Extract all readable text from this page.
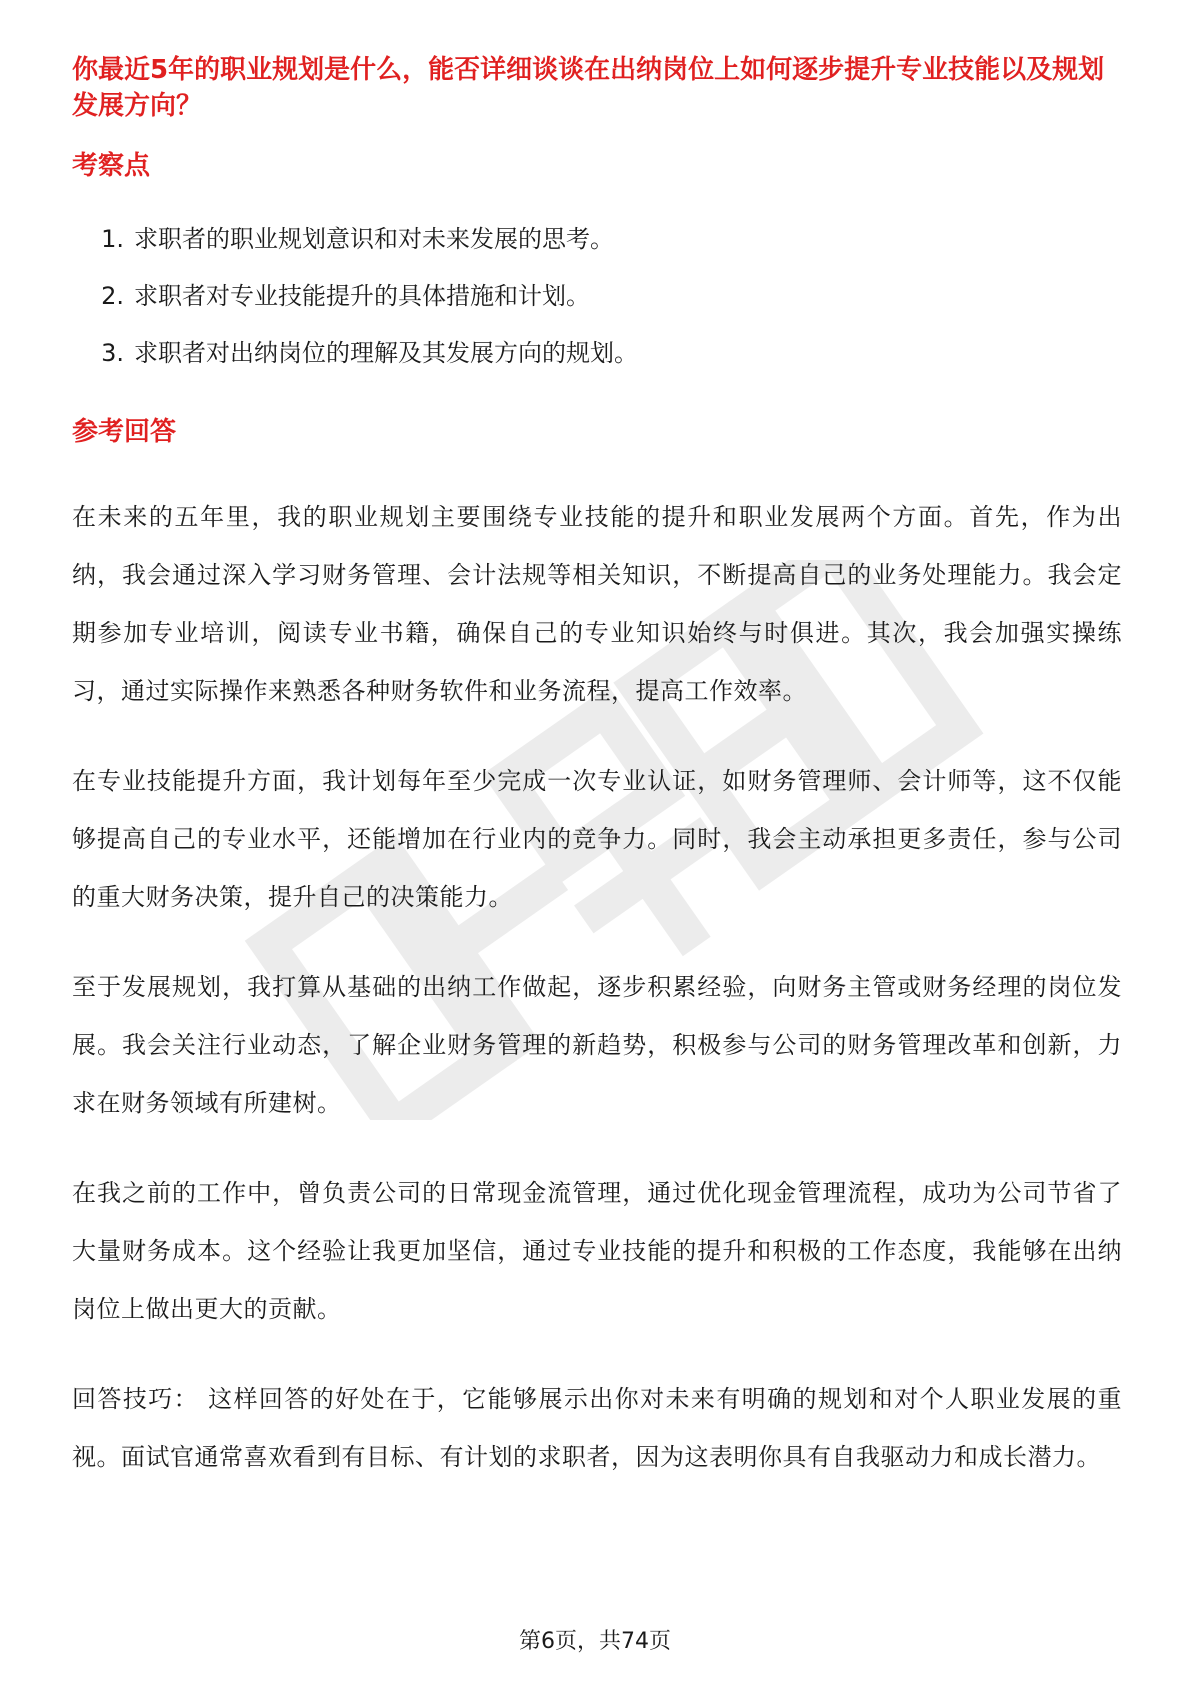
你最近5年的职业规划是什么，能否详细谈谈在出纳岗位上如何逐步提升专业技能以及规划发展方向？
考察点
1. 求职者的职业规划意识和对未来发展的思考。
2. 求职者对专业技能提升的具体措施和计划。
3. 求职者对出纳岗位的理解及其发展方向的规划。
参考回答

在未来的五年里，我的职业规划主要围绕专业技能的提升和职业发展两个方面。首先，作为出纳，我会通过深入学习财务管理、会计法规等相关知识，不断提高自己的业务处理能力。我会定期参加专业培训，阅读专业书籍，确保自己的专业知识始终与时俱进。其次，我会加强实操练习，通过实际操作来熟悉各种财务软件和业务流程，提高工作效率。

在专业技能提升方面，我计划每年至少完成一次专业认证，如财务管理师、会计师等，这不仅能够提高自己的专业水平，还能增加在行业内的竞争力。同时，我会主动承担更多责任，参与公司的重大财务决策，提升自己的决策能力。

至于发展规划，我打算从基础的出纳工作做起，逐步积累经验，向财务主管或财务经理的岗位发展。我会关注行业动态，了解企业财务管理的新趋势，积极参与公司的财务管理改革和创新，力求在财务领域有所建树。

在我之前的工作中，曾负责公司的日常现金流管理，通过优化现金管理流程，成功为公司节省了大量财务成本。这个经验让我更加坚信，通过专业技能的提升和积极的工作态度，我能够在出纳岗位上做出更大的贡献。

回答技巧： 这样回答的好处在于，它能够展示出你对未来有明确的规划和对个人职业发展的重视。面试官通常喜欢看到有目标、有计划的求职者，因为这表明你具有自我驱动力和成长潜力。

第6页，共74页
